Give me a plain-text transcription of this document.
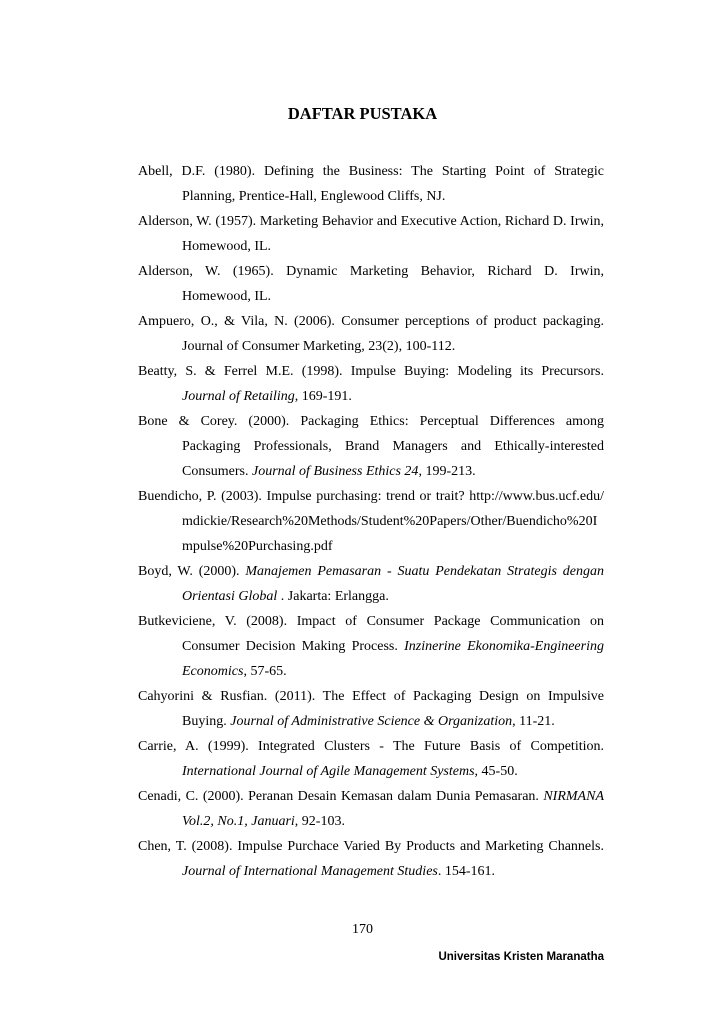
DAFTAR PUSTAKA
Abell, D.F. (1980). Defining the Business: The Starting Point of Strategic Planning, Prentice-Hall, Englewood Cliffs, NJ.
Alderson, W. (1957). Marketing Behavior and Executive Action, Richard D. Irwin, Homewood, IL.
Alderson, W. (1965). Dynamic Marketing Behavior, Richard D. Irwin, Homewood, IL.
Ampuero, O., & Vila, N. (2006). Consumer perceptions of product packaging. Journal of Consumer Marketing, 23(2), 100-112.
Beatty, S. & Ferrel M.E. (1998). Impulse Buying: Modeling its Precursors. Journal of Retailing, 169-191.
Bone & Corey. (2000). Packaging Ethics: Perceptual Differences among Packaging Professionals, Brand Managers and Ethically-interested Consumers. Journal of Business Ethics 24, 199-213.
Buendicho, P. (2003). Impulse purchasing: trend or trait? http://www.bus.ucf.edu/mdickie/Research%20Methods/Student%20Papers/Other/Buendicho%20Impulse%20Purchasing.pdf
Boyd, W. (2000). Manajemen Pemasaran - Suatu Pendekatan Strategis dengan Orientasi Global . Jakarta: Erlangga.
Butkeviciene, V. (2008). Impact of Consumer Package Communication on Consumer Decision Making Process. Inzinerine Ekonomika-Engineering Economics, 57-65.
Cahyorini & Rusfian. (2011). The Effect of Packaging Design on Impulsive Buying. Journal of Administrative Science & Organization, 11-21.
Carrie, A. (1999). Integrated Clusters - The Future Basis of Competition. International Journal of Agile Management Systems, 45-50.
Cenadi, C. (2000). Peranan Desain Kemasan dalam Dunia Pemasaran. NIRMANA Vol.2, No.1, Januari, 92-103.
Chen, T. (2008). Impulse Purchace Varied By Products and Marketing Channels. Journal of International Management Studies. 154-161.
170
Universitas Kristen Maranatha
